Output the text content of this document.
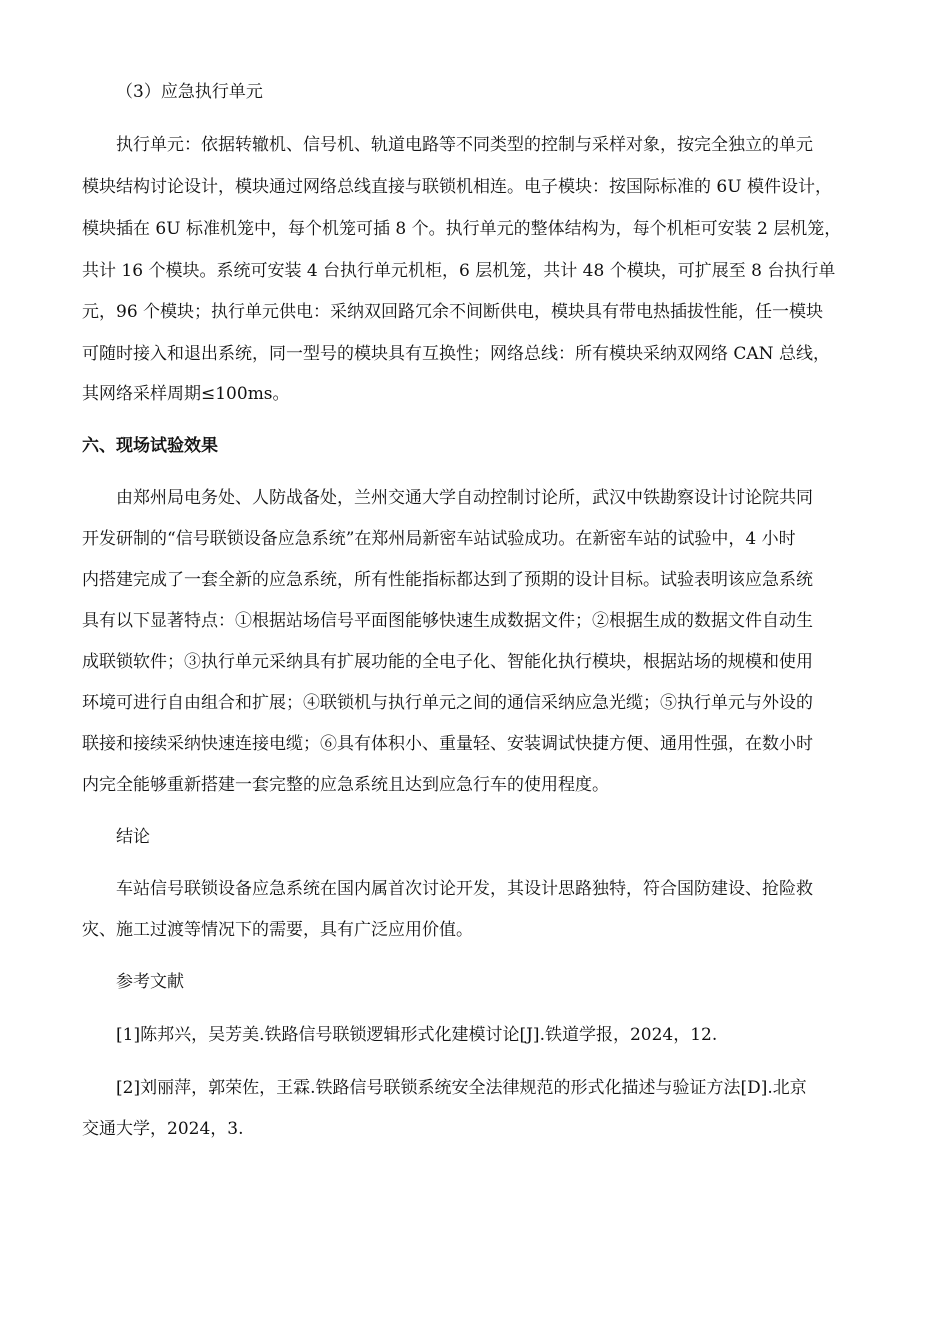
（3）应急执行单元
执行单元：依据转辙机、信号机、轨道电路等不同类型的控制与采样对象，按完全独立的单元
模块结构讨论设计，模块通过网络总线直接与联锁机相连。电子模块：按国际标准的 6U 模件设计，
模块插在 6U 标准机笼中，每个机笼可插 8 个。执行单元的整体结构为，每个机柜可安装 2 层机笼，
共计 16 个模块。系统可安装 4 台执行单元机柜，6 层机笼，共计 48 个模块，可扩展至 8 台执行单
元，96 个模块；执行单元供电：采纳双回路冗余不间断供电，模块具有带电热插拔性能，任一模块
可随时接入和退出系统，同一型号的模块具有互换性；网络总线：所有模块采纳双网络 CAN 总线，
其网络采样周期≤100ms。
六、现场试验效果
由郑州局电务处、人防战备处，兰州交通大学自动控制讨论所，武汉中铁勘察设计讨论院共同
开发研制的“信号联锁设备应急系统”在郑州局新密车站试验成功。在新密车站的试验中，4 小时
内搭建完成了一套全新的应急系统，所有性能指标都达到了预期的设计目标。试验表明该应急系统
具有以下显著特点：①根据站场信号平面图能够快速生成数据文件；②根据生成的数据文件自动生
成联锁软件；③执行单元采纳具有扩展功能的全电子化、智能化执行模块，根据站场的规模和使用
环境可进行自由组合和扩展；④联锁机与执行单元之间的通信采纳应急光缆；⑤执行单元与外设的
联接和接续采纳快速连接电缆；⑥具有体积小、重量轻、安装调试快捷方便、通用性强，在数小时
内完全能够重新搭建一套完整的应急系统且达到应急行车的使用程度。
结论
车站信号联锁设备应急系统在国内属首次讨论开发，其设计思路独特，符合国防建设、抢险救
灾、施工过渡等情况下的需要，具有广泛应用价值。
参考文献
[1]陈邦兴，吴芳美.铁路信号联锁逻辑形式化建模讨论[J].铁道学报，2024，12.
[2]刘丽萍，郭荣佐，王霖.铁路信号联锁系统安全法律规范的形式化描述与验证方法[D].北京
交通大学，2024，3.
